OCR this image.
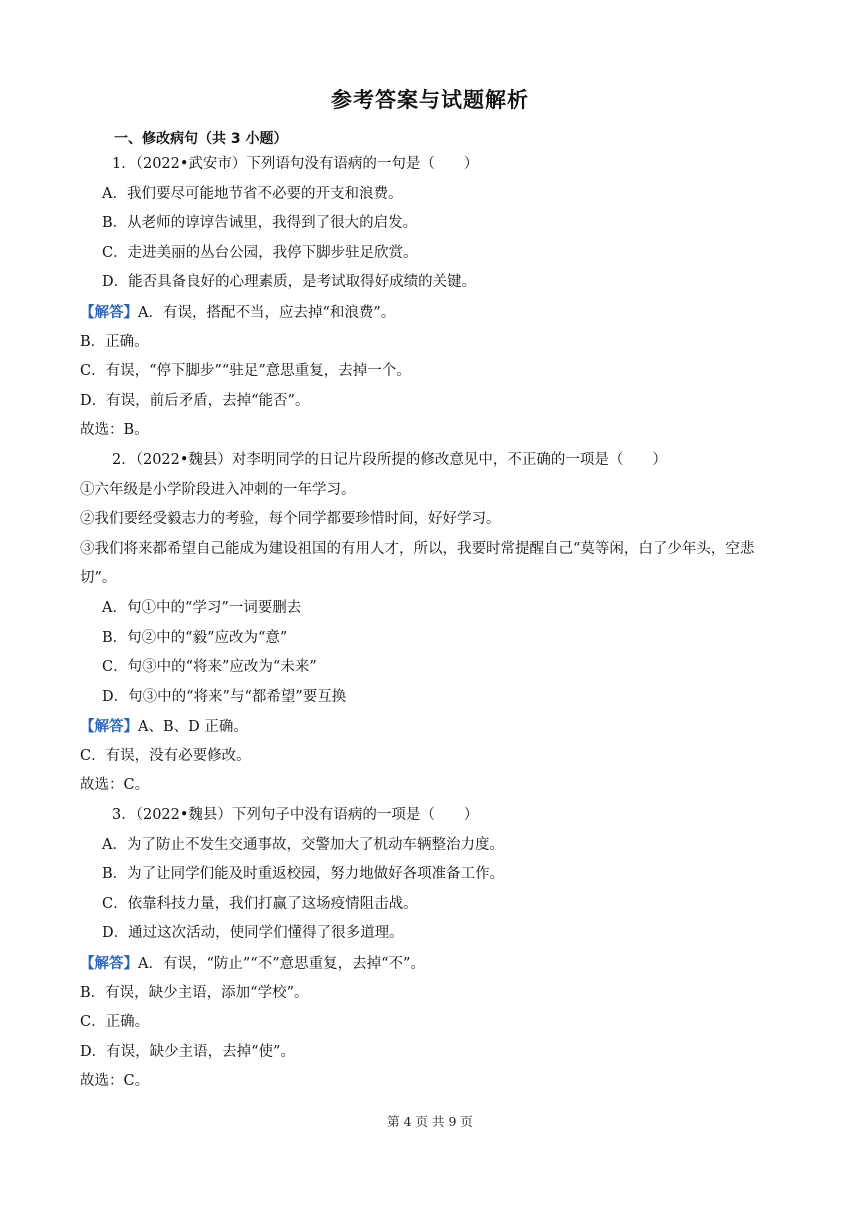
参考答案与试题解析
一、修改病句（共 3 小题）
1．（2022•武安市）下列语句没有语病的一句是（　　）
A．我们要尽可能地节省不必要的开支和浪费。
B．从老师的谆谆告诫里，我得到了很大的启发。
C．走进美丽的丛台公园，我停下脚步驻足欣赏。
D．能否具备良好的心理素质，是考试取得好成绩的关键。
【解答】A．有误，搭配不当，应去掉“和浪费”。
B．正确。
C．有误，“停下脚步”“驻足”意思重复，去掉一个。
D．有误，前后矛盾，去掉“能否”。
故选：B。
2．（2022•魏县）对李明同学的日记片段所提的修改意见中，不正确的一项是（　　）
①六年级是小学阶段进入冲刺的一年学习。
②我们要经受毅志力的考验，每个同学都要珍惜时间，好好学习。
③我们将来都希望自己能成为建设祖国的有用人才，所以，我要时常提醒自己“莫等闲，白了少年头，空悲切”。
A．句①中的“学习”一词要删去
B．句②中的“毅”应改为“意”
C．句③中的“将来”应改为“未来”
D．句③中的“将来”与“都希望”要互换
【解答】A、B、D 正确。
C．有误，没有必要修改。
故选：C。
3．（2022•魏县）下列句子中没有语病的一项是（　　）
A．为了防止不发生交通事故，交警加大了机动车辆整治力度。
B．为了让同学们能及时重返校园，努力地做好各项准备工作。
C．依靠科技力量，我们打赢了这场疫情阻击战。
D．通过这次活动，使同学们懂得了很多道理。
【解答】A．有误，“防止”“不”意思重复，去掉“不”。
B．有误，缺少主语，添加“学校”。
C．正确。
D．有误，缺少主语，去掉“使”。
故选：C。
第 4 页 共 9 页
